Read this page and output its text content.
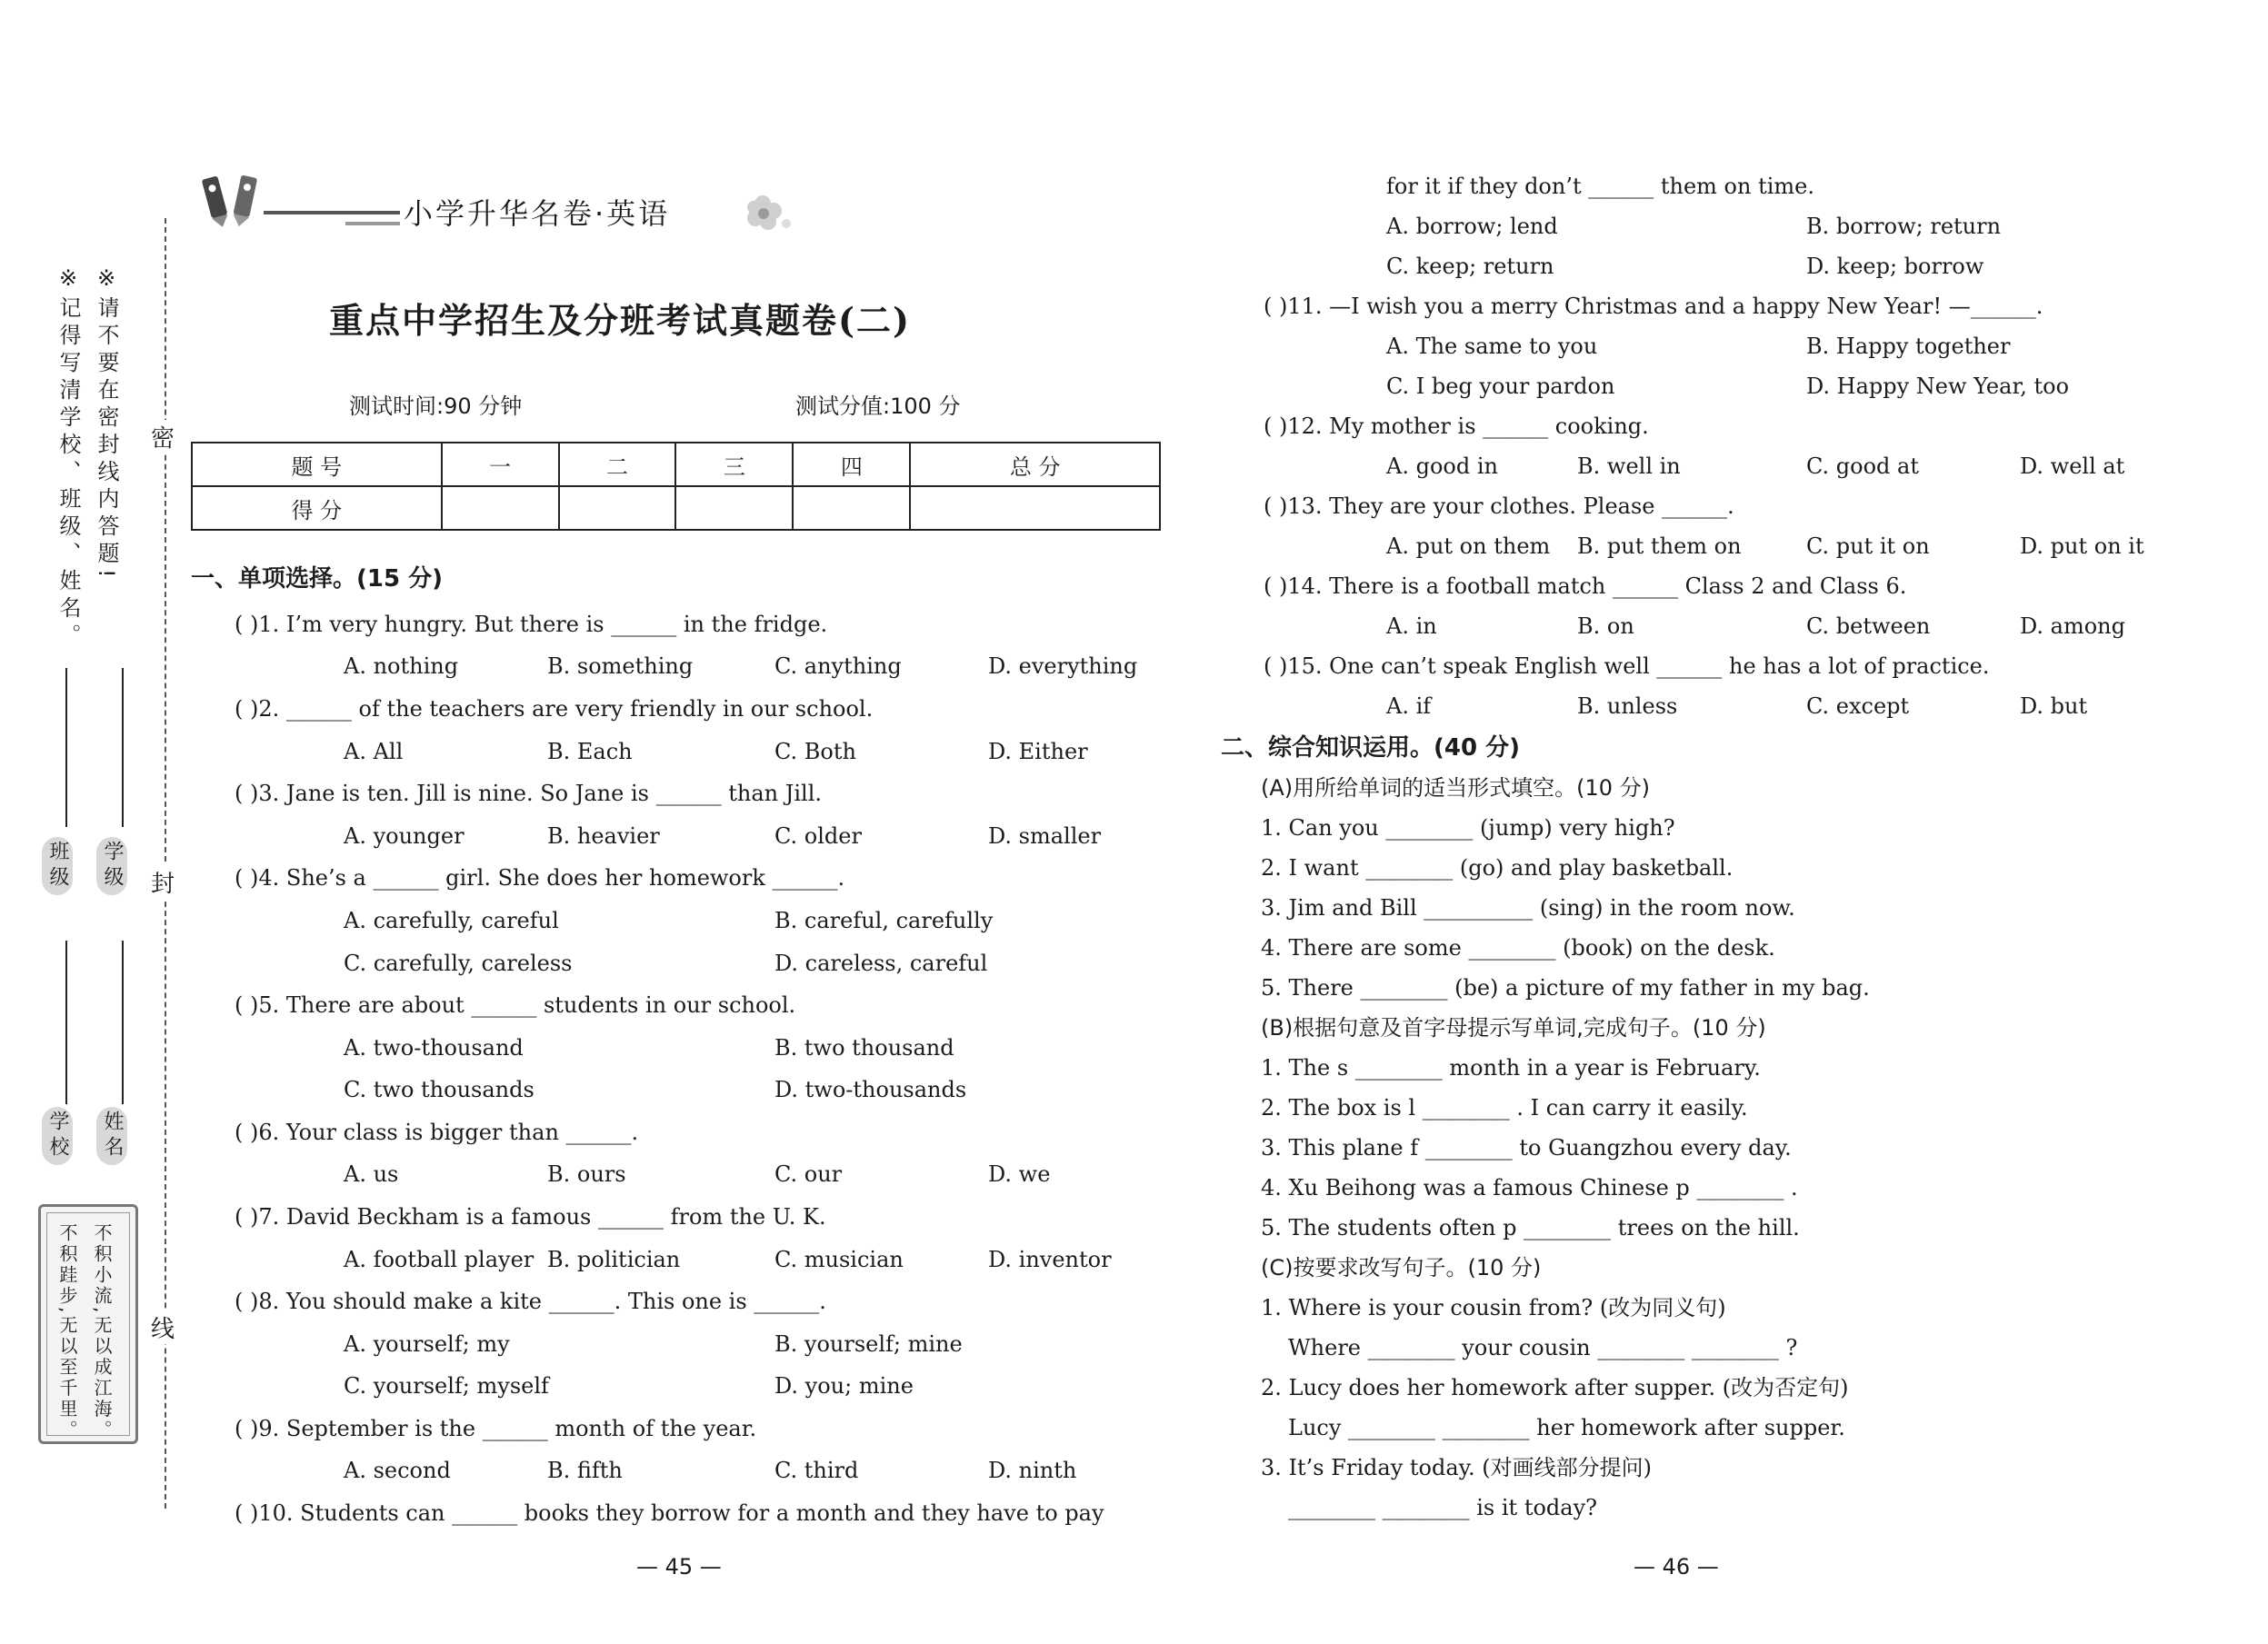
※请不要在密封线内答题!
※记得写清学校、班级、姓名。
学级
班级
姓名
学校
不积小流,无以成江海。
不积跬步,无以至千里。
密
封
线
小学升华名卷·英语
重点中学招生及分班考试真题卷(二)
测试时间:90 分钟	测试分值:100 分
题 号	一	二	三	四	总 分
得 分					
一、单项选择。(15 分)
( )1. I’m very hungry. But there is ______ in the fridge.
A. nothing	B. something	C. anything	D. everything
( )2. ______ of the teachers are very friendly in our school.
A. All	B. Each	C. Both	D. Either
( )3. Jane is ten. Jill is nine. So Jane is ______ than Jill.
A. younger	B. heavier	C. older	D. smaller
( )4. She’s a ______ girl. She does her homework ______.
A. carefully, careful	B. careful, carefully
C. carefully, careless	D. careless, careful
( )5. There are about ______ students in our school.
A. two-thousand	B. two thousand
C. two thousands	D. two-thousands
( )6. Your class is bigger than ______.
A. us	B. ours	C. our	D. we
( )7. David Beckham is a famous ______ from the U. K.
A. football player B. politician	C. musician	D. inventor
( )8. You should make a kite ______. This one is ______.
A. yourself; my	B. yourself; mine
C. yourself; myself	D. you; mine
( )9. September is the ______ month of the year.
A. second	B. fifth	C. third	D. ninth
( )10. Students can ______ books they borrow for a month and they have to pay
— 45 —
for it if they don’t ______ them on time.
A. borrow; lend	B. borrow; return
C. keep; return	D. keep; borrow
( )11. —I wish you a merry Christmas and a happy New Year! —______.
A. The same to you	B. Happy together
C. I beg your pardon	D. Happy New Year, too
( )12. My mother is ______ cooking.
A. good in	B. well in	C. good at	D. well at
( )13. They are your clothes. Please ______.
A. put on them B. put them on	C. put it on	D. put on it
( )14. There is a football match ______ Class 2 and Class 6.
A. in	B. on	C. between	D. among
( )15. One can’t speak English well ______ he has a lot of practice.
A. if	B. unless	C. except	D. but
二、综合知识运用。(40 分)
(A)用所给单词的适当形式填空。(10 分)
1. Can you ________ (jump) very high?
2. I want ________ (go) and play basketball.
3. Jim and Bill __________ (sing) in the room now.
4. There are some ________ (book) on the desk.
5. There ________ (be) a picture of my father in my bag.
(B)根据句意及首字母提示写单词,完成句子。(10 分)
1. The s ________ month in a year is February.
2. The box is l ________ . I can carry it easily.
3. This plane f ________ to Guangzhou every day.
4. Xu Beihong was a famous Chinese p ________ .
5. The students often p ________ trees on the hill.
(C)按要求改写句子。(10 分)
1. Where is your cousin from? (改为同义句)
Where ________ your cousin ________ ________ ?
2. Lucy does her homework after supper. (改为否定句)
Lucy ________ ________ her homework after supper.
3. It’s Friday today. (对画线部分提问)
________ ________ is it today?
— 46 —
